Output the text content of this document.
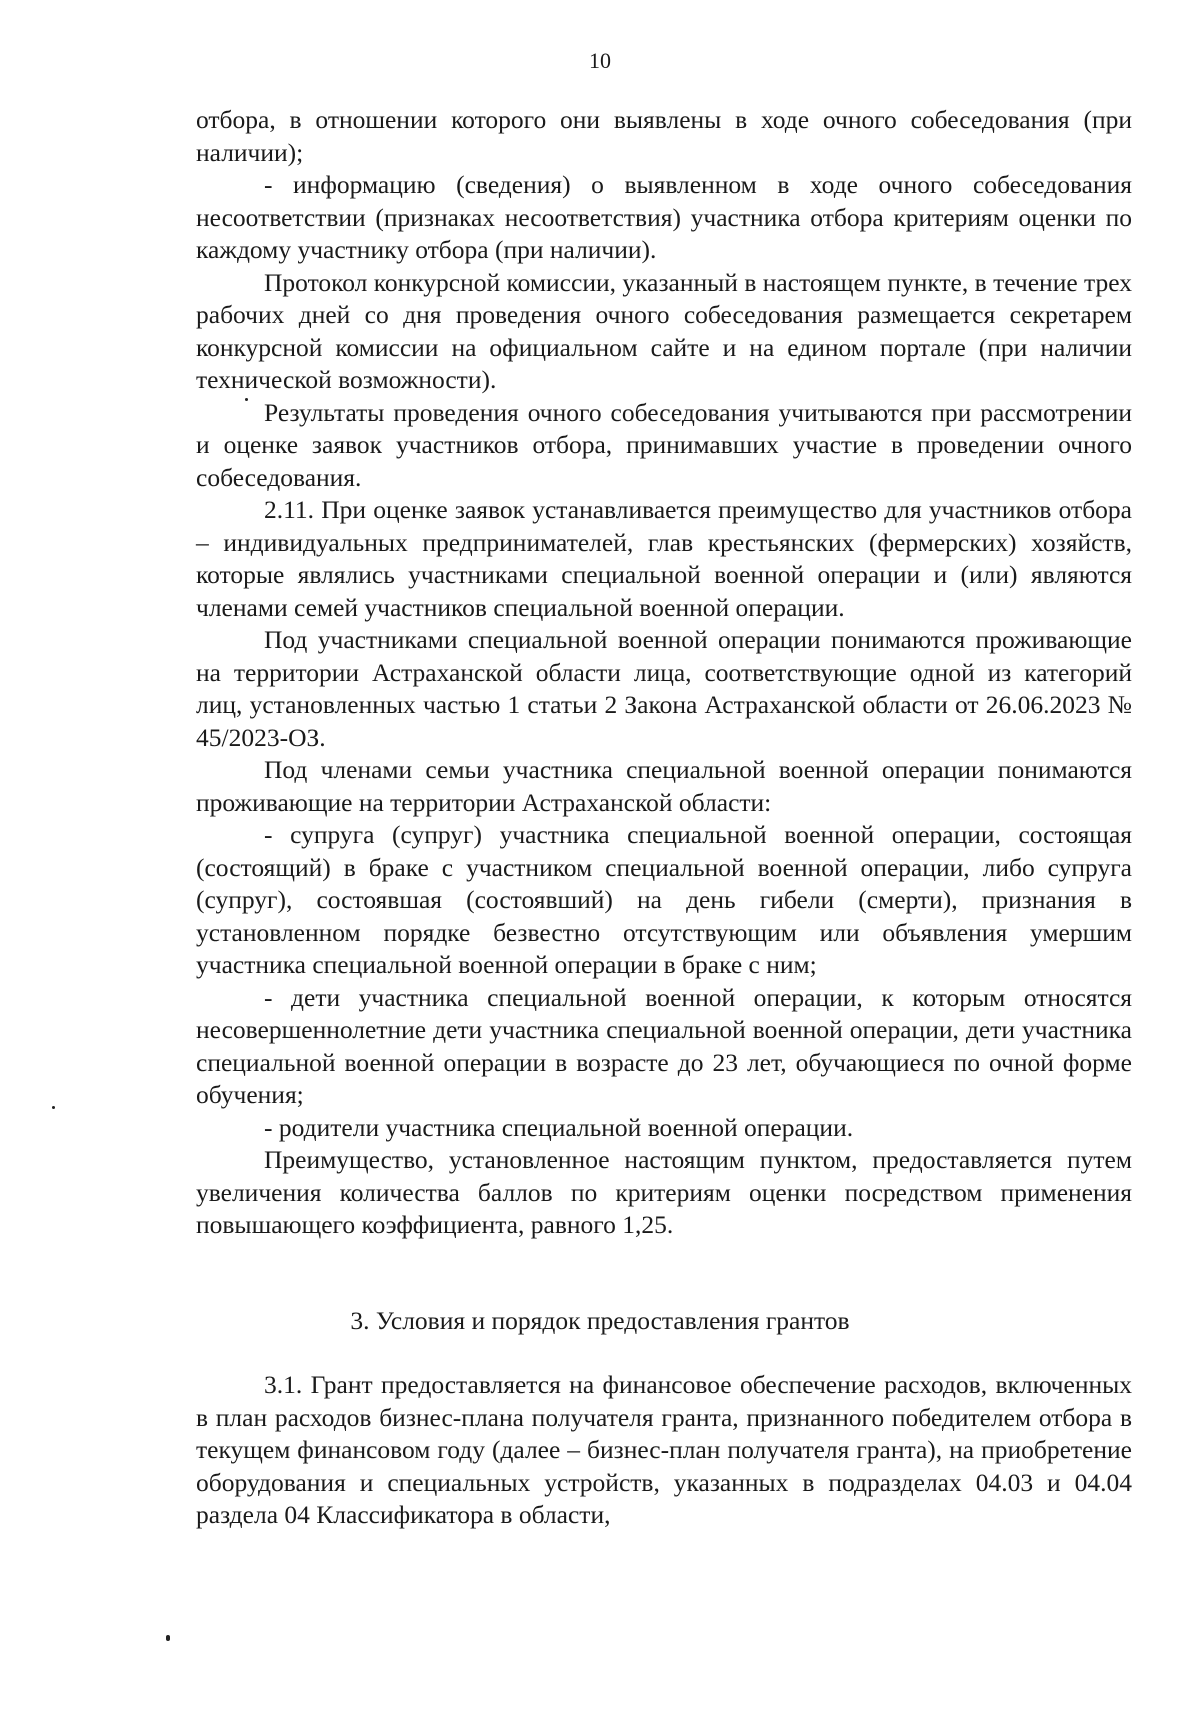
10

отбора, в отношении которого они выявлены в ходе очного собеседования (при наличии);

- информацию (сведения) о выявленном в ходе очного собеседования несоответствии (признаках несоответствия) участника отбора критериям оценки по каждому участнику отбора (при наличии).

Протокол конкурсной комиссии, указанный в настоящем пункте, в течение трех рабочих дней со дня проведения очного собеседования размещается секретарем конкурсной комиссии на официальном сайте и на едином портале (при наличии технической возможности).

Результаты проведения очного собеседования учитываются при рассмотрении и оценке заявок участников отбора, принимавших участие в проведении очного собеседования.

2.11. При оценке заявок устанавливается преимущество для участников отбора – индивидуальных предпринимателей, глав крестьянских (фермерских) хозяйств, которые являлись участниками специальной военной операции и (или) являются членами семей участников специальной военной операции.

Под участниками специальной военной операции понимаются проживающие на территории Астраханской области лица, соответствующие одной из категорий лиц, установленных частью 1 статьи 2 Закона Астраханской области от 26.06.2023 № 45/2023-ОЗ.

Под членами семьи участника специальной военной операции понимаются проживающие на территории Астраханской области:

- супруга (супруг) участника специальной военной операции, состоящая (состоящий) в браке с участником специальной военной операции, либо супруга (супруг), состоявшая (состоявший) на день гибели (смерти), признания в установленном порядке безвестно отсутствующим или объявления умершим участника специальной военной операции в браке с ним;

- дети участника специальной военной операции, к которым относятся несовершеннолетние дети участника специальной военной операции, дети участника специальной военной операции в возрасте до 23 лет, обучающиеся по очной форме обучения;

- родители участника специальной военной операции.

Преимущество, установленное настоящим пунктом, предоставляется путем увеличения количества баллов по критериям оценки посредством применения повышающего коэффициента, равного 1,25.

3. Условия и порядок предоставления грантов

3.1. Грант предоставляется на финансовое обеспечение расходов, включенных в план расходов бизнес-плана получателя гранта, признанного победителем отбора в текущем финансовом году (далее – бизнес-план получателя гранта), на приобретение оборудования и специальных устройств, указанных в подразделах 04.03 и 04.04 раздела 04 Классификатора в области,
